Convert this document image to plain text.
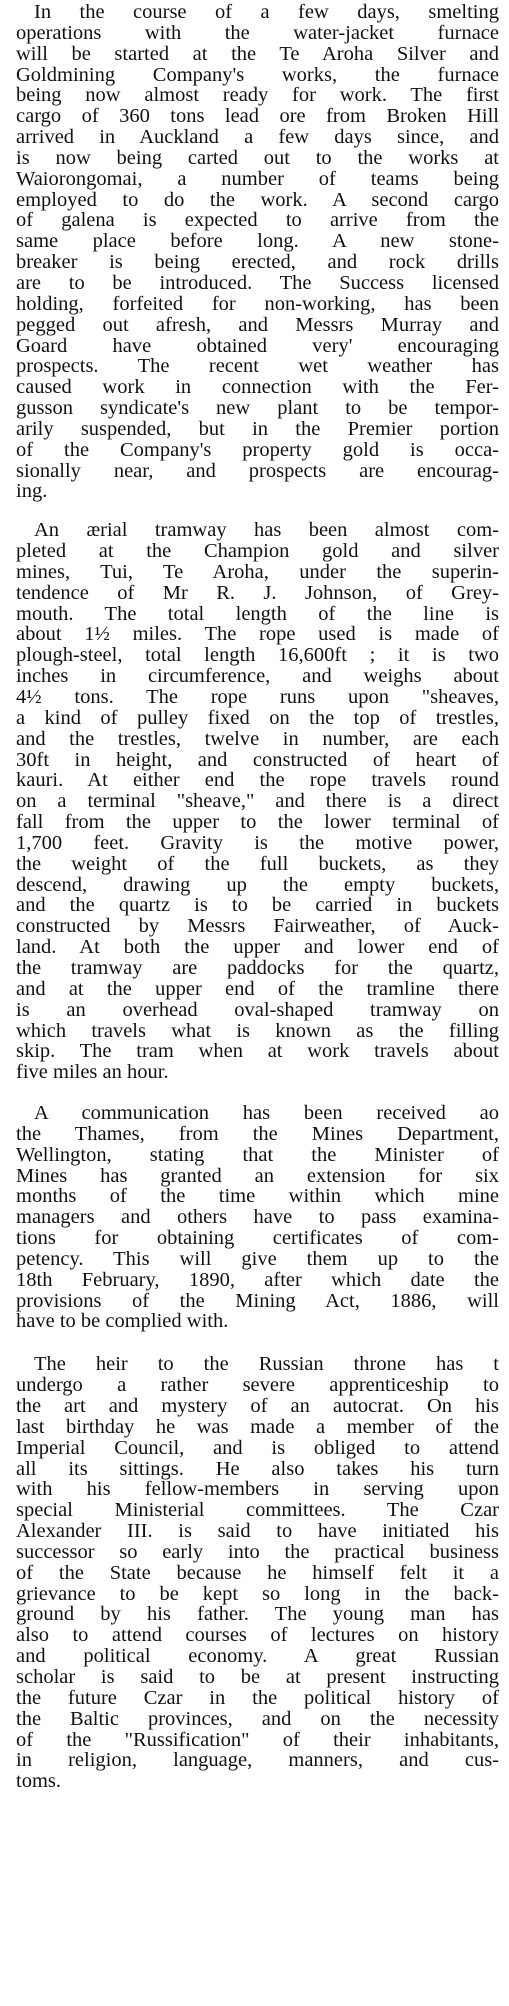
In the course of a few days, smelting
operations with the water-jacket furnace
will be started at the Te Aroha Silver and
Goldmining Company's works, the furnace
being now almost ready for work. The first
cargo of 360 tons lead ore from Broken Hill
arrived in Auckland a few days since, and
is now being carted out to the works at
Waiorongomai, a number of teams being
employed to do the work. A second cargo
of galena is expected to arrive from the
same place before long. A new stone-
breaker is being erected, and rock drills
are to be introduced. The Success licensed
holding, forfeited for non-working, has been
pegged out afresh, and Messrs Murray and
Goard have obtained very' encouraging
prospects. The recent wet weather has
caused work in connection with the Fer-
gusson syndicate's new plant to be tempor-
arily suspended, but in the Premier portion
of the Company's property gold is occa-
sionally near, and prospects are encourag-
ing.

An ærial tramway has been almost com-
pleted at the Champion gold and silver
mines, Tui, Te Aroha, under the superin-
tendence of Mr R. J. Johnson, of Grey-
mouth. The total length of the line is
about 1½ miles. The rope used is made of
plough-steel, total length 16,600ft ; it is two
inches in circumference, and weighs about
4½ tons. The rope runs upon "sheaves,
a kind of pulley fixed on the top of trestles,
and the trestles, twelve in number, are each
30ft in height, and constructed of heart of
kauri. At either end the rope travels round
on a terminal "sheave," and there is a direct
fall from the upper to the lower terminal of
1,700 feet. Gravity is the motive power,
the weight of the full buckets, as they
descend, drawing up the empty buckets,
and the quartz is to be carried in buckets
constructed by Messrs Fairweather, of Auck-
land. At both the upper and lower end of
the tramway are paddocks for the quartz,
and at the upper end of the tramline there
is an overhead oval-shaped tramway on
which travels what is known as the filling
skip. The tram when at work travels about
five miles an hour.

A communication has been received ao
the Thames, from the Mines Department,
Wellington, stating that the Minister of
Mines has granted an extension for six
months of the time within which mine
managers and others have to pass examina-
tions for obtaining certificates of com-
petency. This will give them up to the
18th February, 1890, after which date the
provisions of the Mining Act, 1886, will
have to be complied with.

The heir to the Russian throne has t
undergo a rather severe apprenticeship to
the art and mystery of an autocrat. On his
last birthday he was made a member of the
Imperial Council, and is obliged to attend
all its sittings. He also takes his turn
with his fellow-members in serving upon
special Ministerial committees. The Czar
Alexander III. is said to have initiated his
successor so early into the practical business
of the State because he himself felt it a
grievance to be kept so long in the back-
ground by his father. The young man has
also to attend courses of lectures on history
and political economy. A great Russian
scholar is said to be at present instructing
the future Czar in the political history of
the Baltic provinces, and on the necessity
of the "Russification" of their inhabitants,
in religion, language, manners, and cus-
toms.
